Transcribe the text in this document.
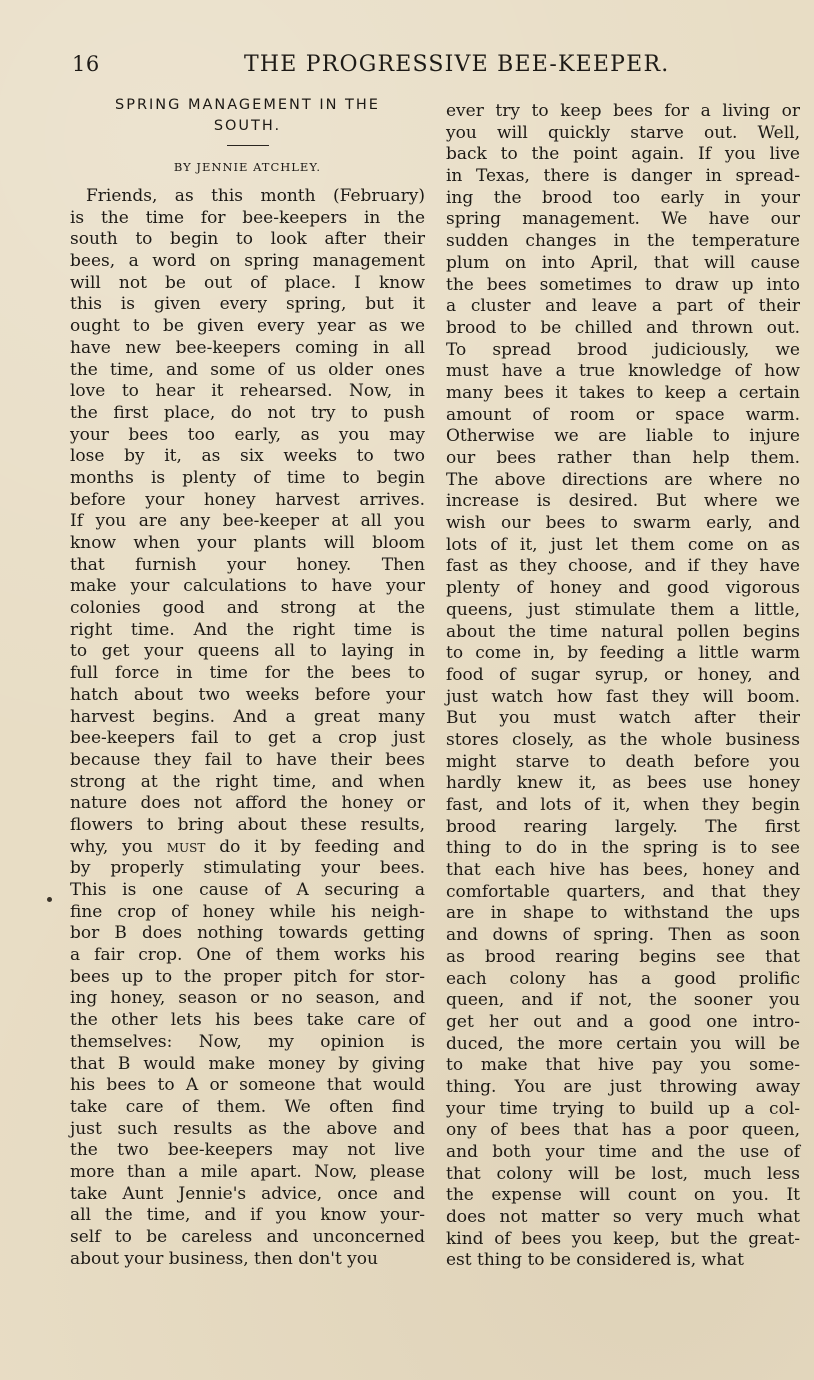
16	THE PROGRESSIVE BEE-KEEPER.
SPRING MANAGEMENT IN THE
SOUTH.
BY JENNIE ATCHLEY.
Friends, as this month (February)
is the time for bee-keepers in the
south to begin to look after their
bees, a word on spring management
will not be out of place. I know
this is given every spring, but it
ought to be given every year as we
have new bee-keepers coming in all
the time, and some of us older ones
love to hear it rehearsed. Now, in
the first place, do not try to push
your bees too early, as you may
lose by it, as six weeks to two
months is plenty of time to begin
before your honey harvest arrives.
If you are any bee-keeper at all you
know when your plants will bloom
that furnish your honey. Then
make your calculations to have your
colonies good and strong at the
right time. And the right time is
to get your queens all to laying in
full force in time for the bees to
hatch about two weeks before your
harvest begins. And a great many
bee-keepers fail to get a crop just
because they fail to have their bees
strong at the right time, and when
nature does not afford the honey or
flowers to bring about these results,
why, you must do it by feeding and
by properly stimulating your bees.
This is one cause of A securing a
fine crop of honey while his neigh-
bor B does nothing towards getting
a fair crop. One of them works his
bees up to the proper pitch for stor-
ing honey, season or no season, and
the other lets his bees take care of
themselves: Now, my opinion is
that B would make money by giving
his bees to A or someone that would
take care of them. We often find
just such results as the above and
the two bee-keepers may not live
more than a mile apart. Now, please
take Aunt Jennie's advice, once and
all the time, and if you know your-
self to be careless and unconcerned
about your business, then don't you
ever try to keep bees for a living or
you will quickly starve out. Well,
back to the point again. If you live
in Texas, there is danger in spread-
ing the brood too early in your
spring management. We have our
sudden changes in the temperature
plum on into April, that will cause
the bees sometimes to draw up into
a cluster and leave a part of their
brood to be chilled and thrown out.
To spread brood judiciously, we
must have a true knowledge of how
many bees it takes to keep a certain
amount of room or space warm.
Otherwise we are liable to injure
our bees rather than help them.
The above directions are where no
increase is desired. But where we
wish our bees to swarm early, and
lots of it, just let them come on as
fast as they choose, and if they have
plenty of honey and good vigorous
queens, just stimulate them a little,
about the time natural pollen begins
to come in, by feeding a little warm
food of sugar syrup, or honey, and
just watch how fast they will boom.
But you must watch after their
stores closely, as the whole business
might starve to death before you
hardly knew it, as bees use honey
fast, and lots of it, when they begin
brood rearing largely. The first
thing to do in the spring is to see
that each hive has bees, honey and
comfortable quarters, and that they
are in shape to withstand the ups
and downs of spring. Then as soon
as brood rearing begins see that
each colony has a good prolific
queen, and if not, the sooner you
get her out and a good one intro-
duced, the more certain you will be
to make that hive pay you some-
thing. You are just throwing away
your time trying to build up a col-
ony of bees that has a poor queen,
and both your time and the use of
that colony will be lost, much less
the expense will count on you. It
does not matter so very much what
kind of bees you keep, but the great-
est thing to be considered is, what
